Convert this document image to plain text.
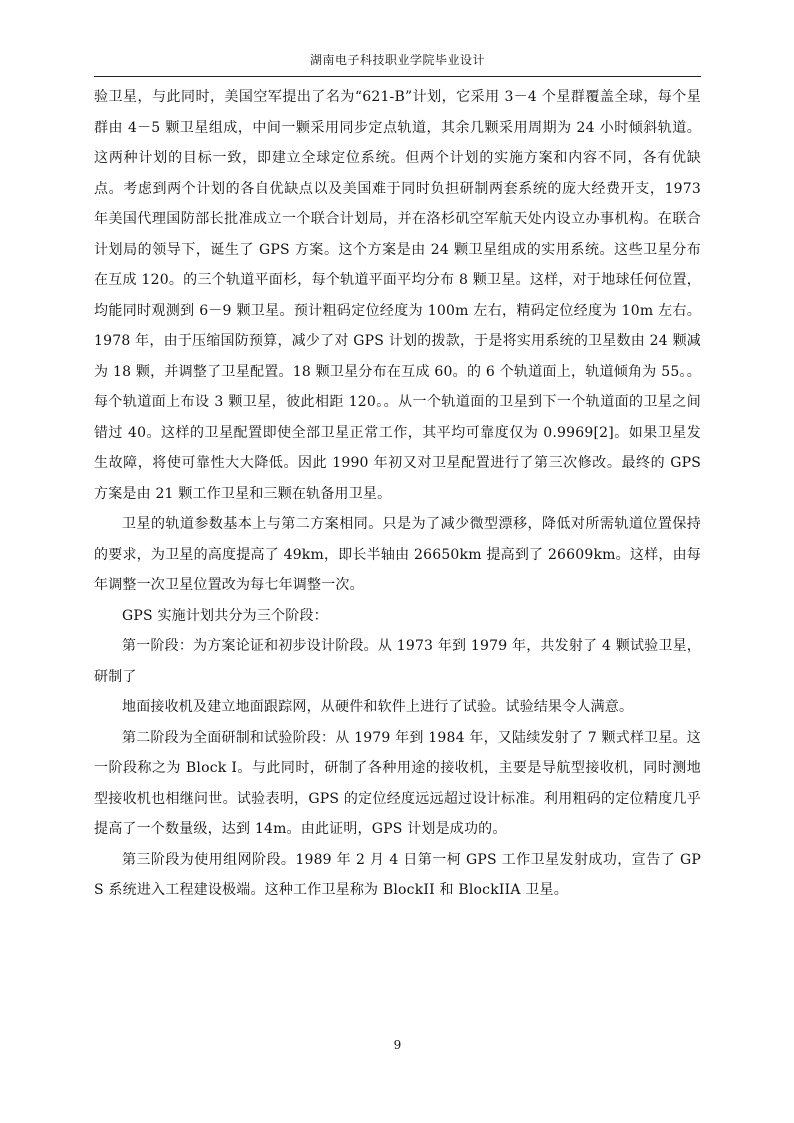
湖南电子科技职业学院毕业设计

验卫星，与此同时，美国空军提出了名为“621-B”计划，它采用 3－4 个星群覆盖全球，每个星群由 4－5 颗卫星组成，中间一颗采用同步定点轨道，其余几颗采用周期为 24 小时倾斜轨道。这两种计划的目标一致，即建立全球定位系统。但两个计划的实施方案和内容不同，各有优缺点。考虑到两个计划的各自优缺点以及美国难于同时负担研制两套系统的庞大经费开支，1973 年美国代理国防部长批准成立一个联合计划局，并在洛杉矶空军航天处内设立办事机构。在联合计划局的领导下，诞生了 GPS 方案。这个方案是由 24 颗卫星组成的实用系统。这些卫星分布在互成 120。的三个轨道平面杉，每个轨道平面平均分布 8 颗卫星。这样，对于地球任何位置，均能同时观测到 6－9 颗卫星。预计粗码定位经度为 100m 左右，精码定位经度为 10m 左右。1978 年，由于压缩国防预算，减少了对 GPS 计划的拨款，于是将实用系统的卫星数由 24 颗减为 18 颗，并调整了卫星配置。18 颗卫星分布在互成 60。的 6 个轨道面上，轨道倾角为 55。。每个轨道面上布设 3 颗卫星，彼此相距 120。。从一个轨道面的卫星到下一个轨道面的卫星之间错过 40。这样的卫星配置即使全部卫星正常工作，其平均可靠度仅为 0.9969[2]。如果卫星发生故障，将使可靠性大大降低。因此 1990 年初又对卫星配置进行了第三次修改。最终的 GPS 方案是由 21 颗工作卫星和三颗在轨备用卫星。

卫星的轨道参数基本上与第二方案相同。只是为了减少微型漂移，降低对所需轨道位置保持的要求，为卫星的高度提高了 49km，即长半轴由 26650km 提高到了 26609km。这样，由每年调整一次卫星位置改为每七年调整一次。

GPS 实施计划共分为三个阶段：

第一阶段：为方案论证和初步设计阶段。从 1973 年到 1979 年，共发射了 4 颗试验卫星，研制了

地面接收机及建立地面跟踪网，从硬件和软件上进行了试验。试验结果令人满意。

第二阶段为全面研制和试验阶段：从 1979 年到 1984 年，又陆续发射了 7 颗式样卫星。这一阶段称之为 Block I。与此同时，研制了各种用途的接收机，主要是导航型接收机，同时测地型接收机也相继问世。试验表明，GPS 的定位经度远远超过设计标准。利用粗码的定位精度几乎提高了一个数量级，达到 14m。由此证明，GPS 计划是成功的。

第三阶段为使用组网阶段。1989 年 2 月 4 日第一柯 GPS 工作卫星发射成功，宣告了 GPS 系统进入工程建设极端。这种工作卫星称为 BlockII 和 BlockIIA 卫星。

9
